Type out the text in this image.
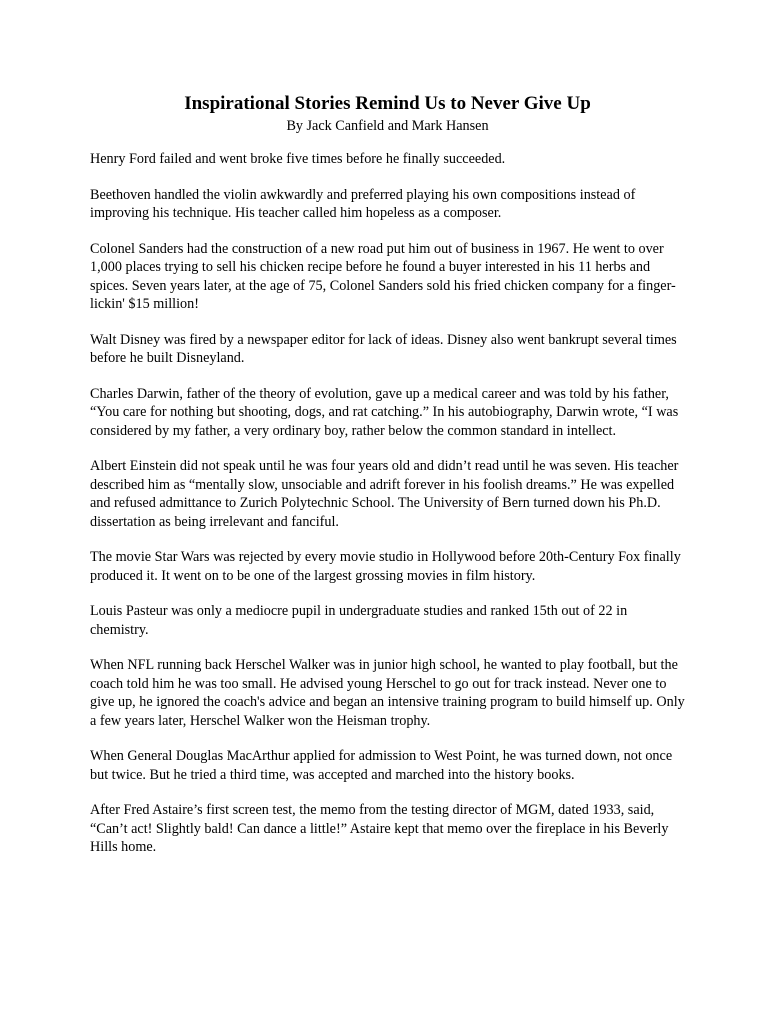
Inspirational Stories Remind Us to Never Give Up

By Jack Canfield and Mark Hansen

Henry Ford failed and went broke five times before he finally succeeded.

Beethoven handled the violin awkwardly and preferred playing his own compositions instead of improving his technique. His teacher called him hopeless as a composer.

Colonel Sanders had the construction of a new road put him out of business in 1967. He went to over 1,000 places trying to sell his chicken recipe before he found a buyer interested in his 11 herbs and spices. Seven years later, at the age of 75, Colonel Sanders sold his fried chicken company for a finger-lickin' $15 million!

Walt Disney was fired by a newspaper editor for lack of ideas. Disney also went bankrupt several times before he built Disneyland.

Charles Darwin, father of the theory of evolution, gave up a medical career and was told by his father, “You care for nothing but shooting, dogs, and rat catching.” In his autobiography, Darwin wrote, “I was considered by my father, a very ordinary boy, rather below the common standard in intellect.

Albert Einstein did not speak until he was four years old and didn’t read until he was seven. His teacher described him as “mentally slow, unsociable and adrift forever in his foolish dreams.” He was expelled and refused admittance to Zurich Polytechnic School. The University of Bern turned down his Ph.D. dissertation as being irrelevant and fanciful.

The movie Star Wars was rejected by every movie studio in Hollywood before 20th-Century Fox finally produced it. It went on to be one of the largest grossing movies in film history.

Louis Pasteur was only a mediocre pupil in undergraduate studies and ranked 15th out of 22 in chemistry.

When NFL running back Herschel Walker was in junior high school, he wanted to play football, but the coach told him he was too small. He advised young Herschel to go out for track instead. Never one to give up, he ignored the coach's advice and began an intensive training program to build himself up. Only a few years later, Herschel Walker won the Heisman trophy.

When General Douglas MacArthur applied for admission to West Point, he was turned down, not once but twice. But he tried a third time, was accepted and marched into the history books.

After Fred Astaire’s first screen test, the memo from the testing director of MGM, dated 1933, said, “Can’t act! Slightly bald! Can dance a little!” Astaire kept that memo over the fireplace in his Beverly Hills home.
